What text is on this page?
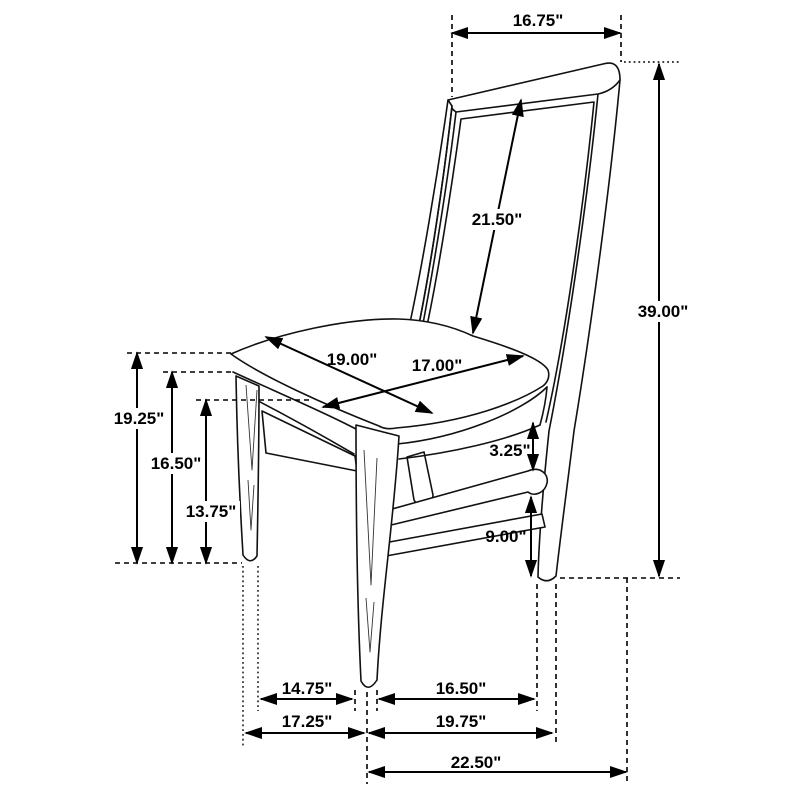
16.75"
39.00"
21.50"
19.00" 17.00"
19.25"
16.50"
13.75"
3.25"
9.00"
14.75"	16.50"
17.25"	19.75"
22.50"
